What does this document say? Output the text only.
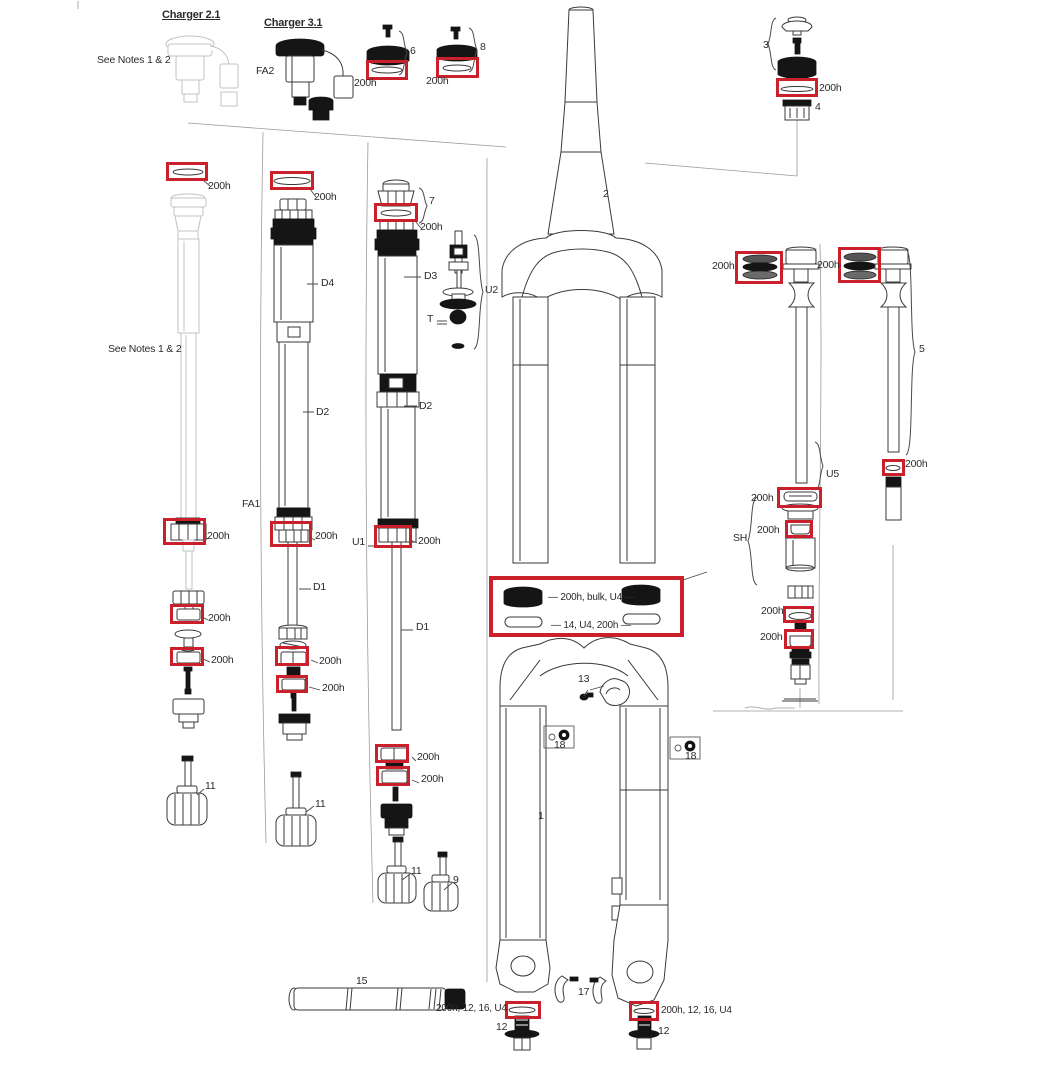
Charger 2.1
Charger 3.1
See Notes 1 & 2
See Notes 1 & 2
FA2
FA1
200h
6
200h
8	3
200h
4
2
200h
200h	7
200h
D4
D3
U2
T
200h	200h
5
D2	D2
200h	200h U1	200h
D1
D1
U5
200h
200h
SH
200h
200h
200h
— 200h, bulk, U4 —
— 14, U4, 200h —
200h
200h	200h
200h
200h
200h
13
18
18
1
11
11
11
9
15
17
200h, 12, 16, U4
12
200h, 12, 16, U4
12
